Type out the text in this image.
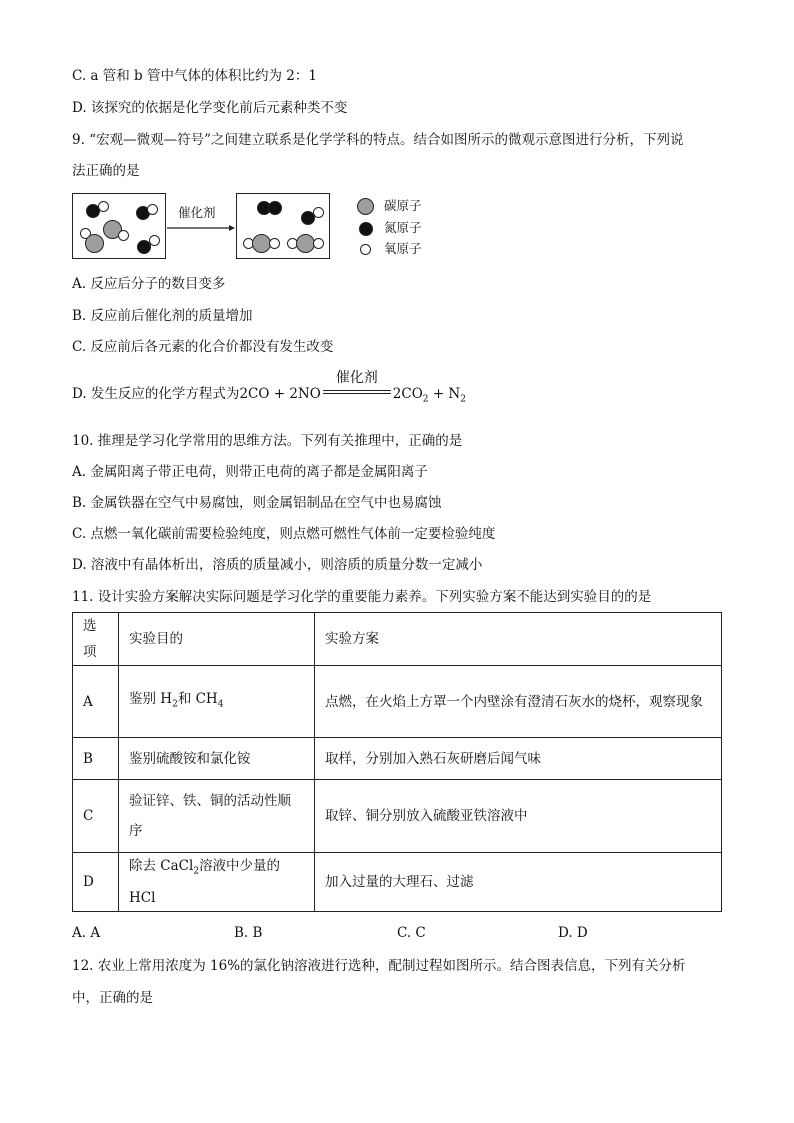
C. a 管和 b 管中气体的体积比约为 2：1
D. 该探究的依据是化学变化前后元素种类不变
9. “宏观—微观—符号”之间建立联系是化学学科的特点。结合如图所示的微观示意图进行分析，下列说
法正确的是
催化剂	碳原子
氮原子
氧原子
A. 反应后分子的数目变多
B. 反应前后催化剂的质量增加
C. 反应前后各元素的化合价都没有发生改变
D. 发生反应的化学方程式为2CO + 2NO
催化剂
$2CO_2 + N_2$
10. 推理是学习化学常用的思维方法。下列有关推理中，正确的是
A. 金属阳离子带正电荷，则带正电荷的离子都是金属阳离子
B. 金属铁器在空气中易腐蚀，则金属铝制品在空气中也易腐蚀
C. 点燃一氧化碳前需要检验纯度，则点燃可燃性气体前一定要检验纯度
D. 溶液中有晶体析出，溶质的质量减小，则溶质的质量分数一定减小
11. 设计实验方案解决实际问题是学习化学的重要能力素养。下列实验方案不能达到实验目的的是
选项	实验目的	实验方案
A	鉴别 $H_2$和 $CH_4$	点燃，在火焰上方罩一个内壁涂有澄清石灰水的烧杯，观察现象
B	鉴别硫酸铵和氯化铵	取样，分别加入熟石灰研磨后闻气味
C	验证锌、铁、铜的活动性顺序	取锌、铜分别放入硫酸亚铁溶液中
D	除去 CaCl$_2$溶液中少量的 HCl	加入过量的大理石、过滤
A. A	B. B	C. C	D. D
12. 农业上常用浓度为 16%的氯化钠溶液进行选种，配制过程如图所示。结合图表信息，下列有关分析
中，正确的是
